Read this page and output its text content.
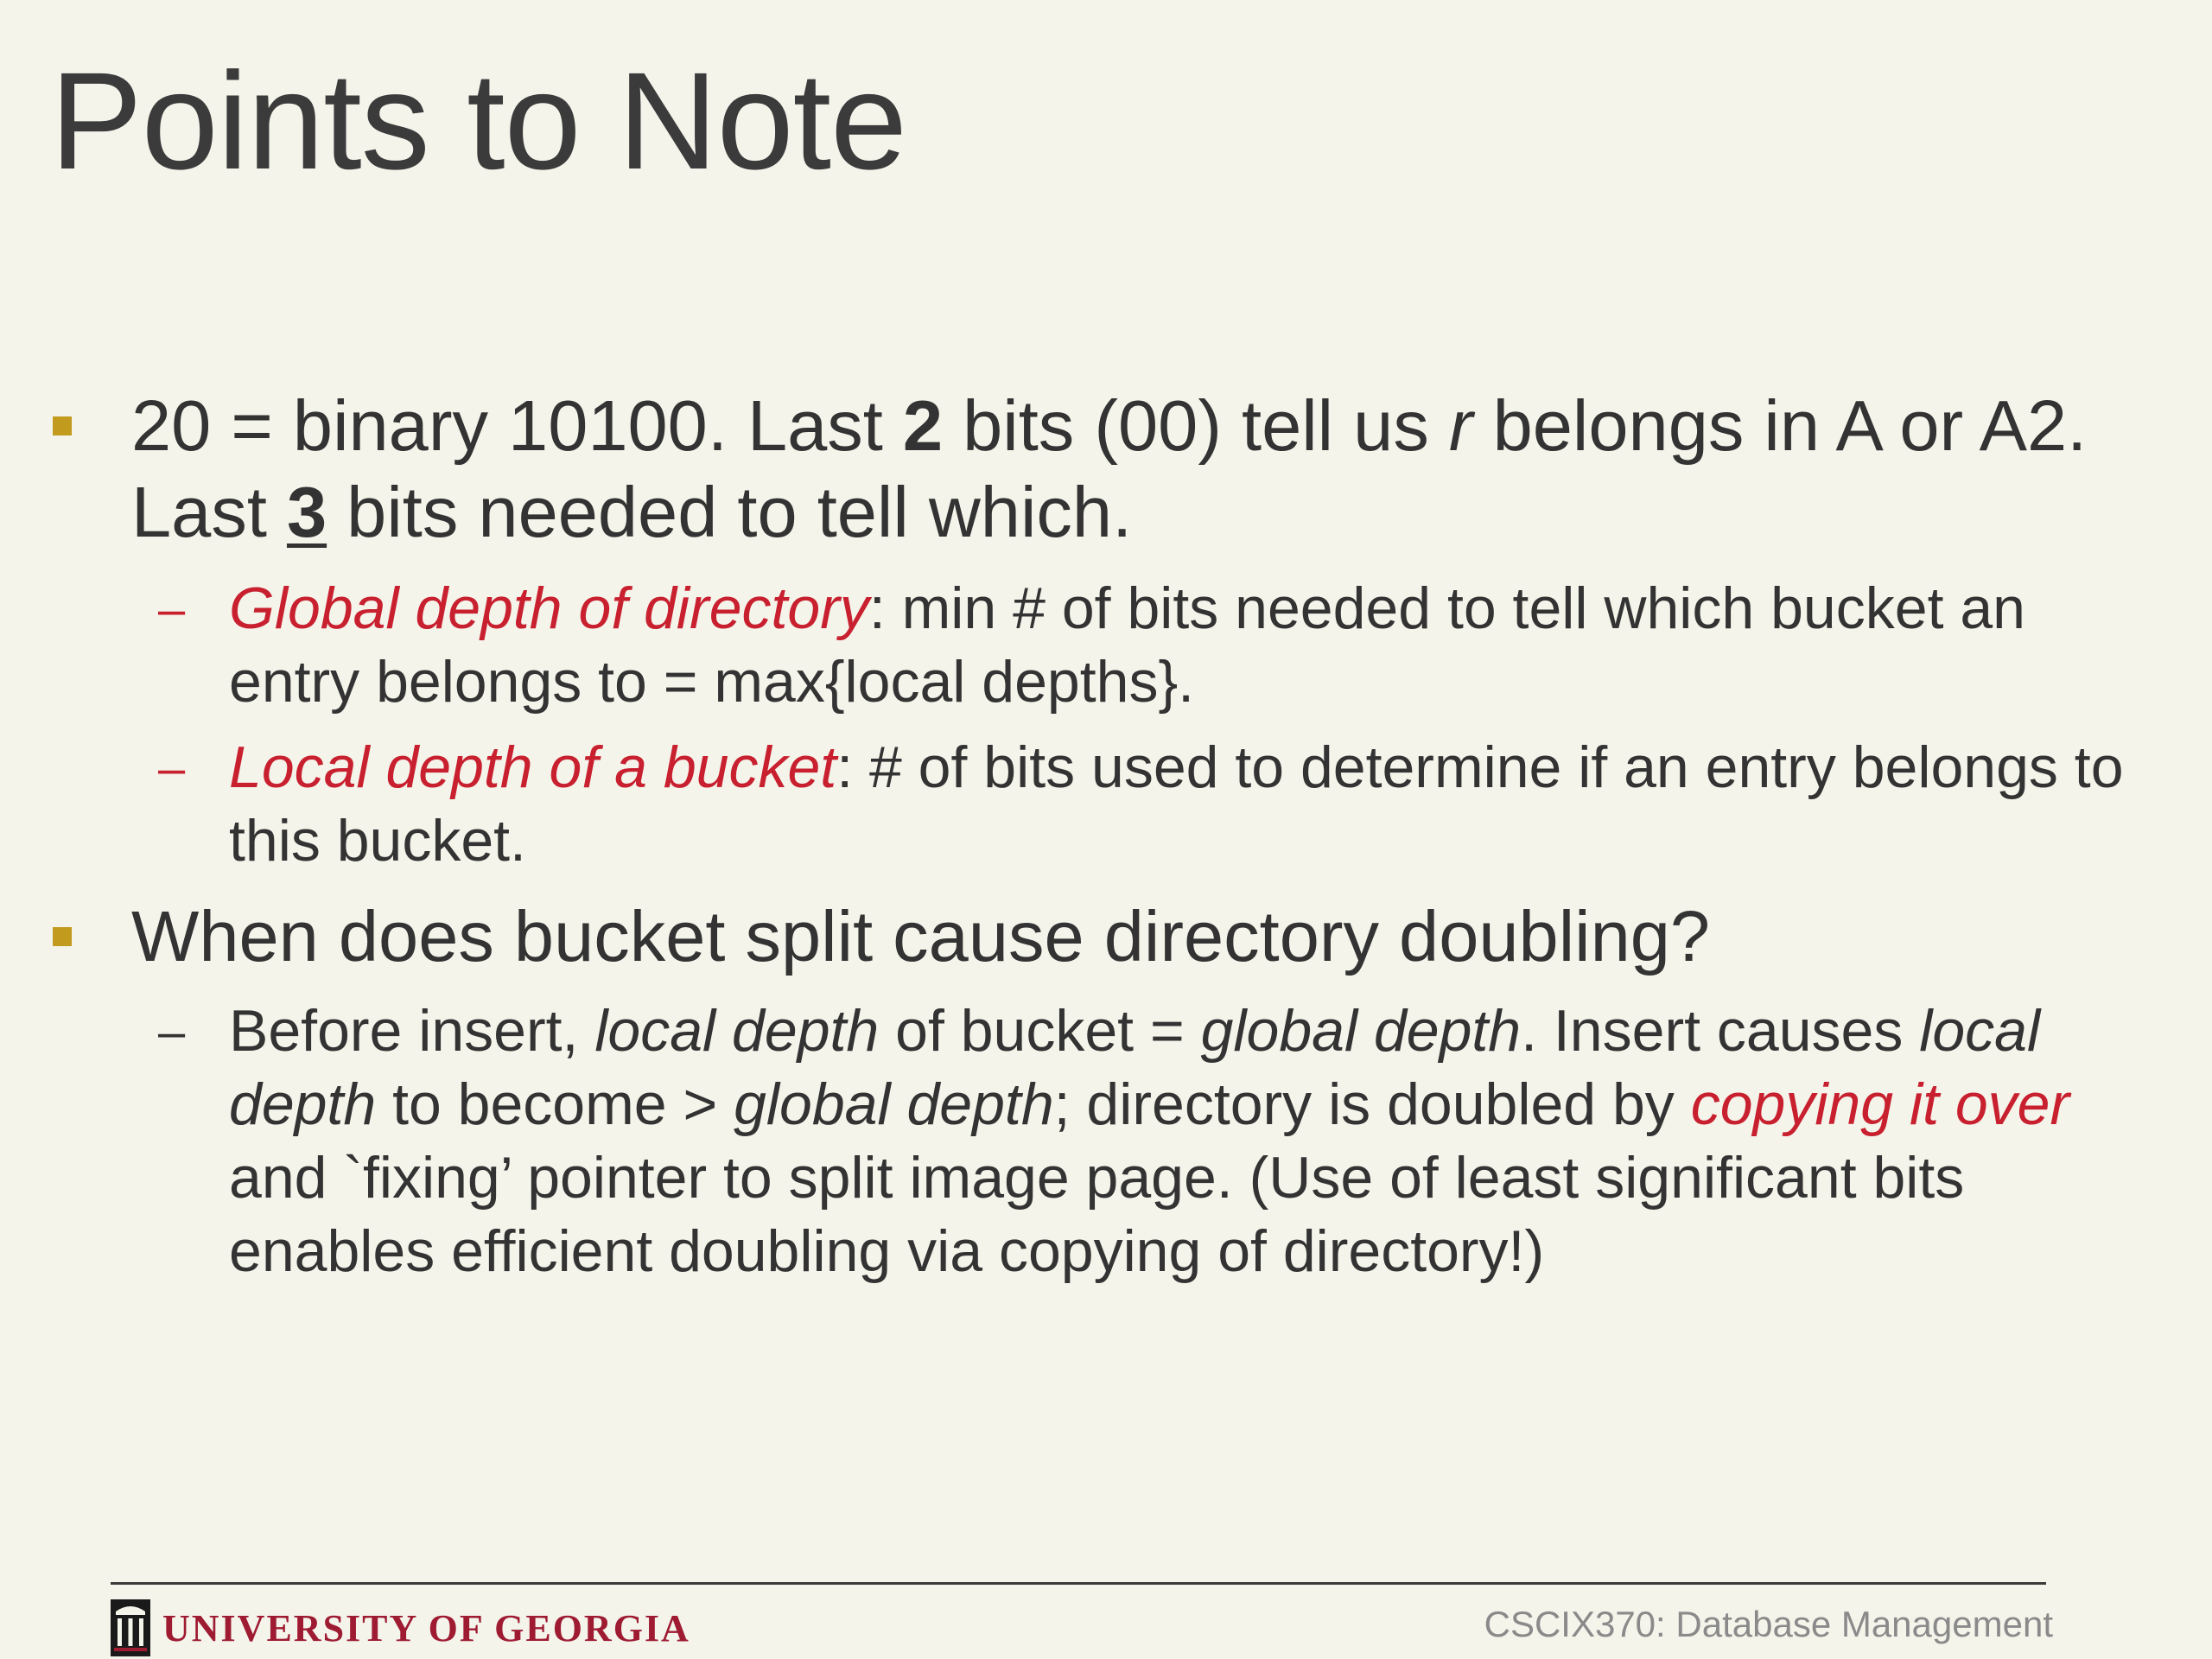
Points to Note
20 = binary 10100. Last 2 bits (00) tell us r belongs in A or A2. Last 3 bits needed to tell which.
– Global depth of directory: min # of bits needed to tell which bucket an entry belongs to = max{local depths}.
– Local depth of a bucket: # of bits used to determine if an entry belongs to this bucket.
When does bucket split cause directory doubling?
– Before insert, local depth of bucket = global depth. Insert causes local depth to become > global depth; directory is doubled by copying it over and `fixing’ pointer to split image page. (Use of least significant bits enables efficient doubling via copying of directory!)
UNIVERSITY OF GEORGIA	CSCIX370: Database Management
